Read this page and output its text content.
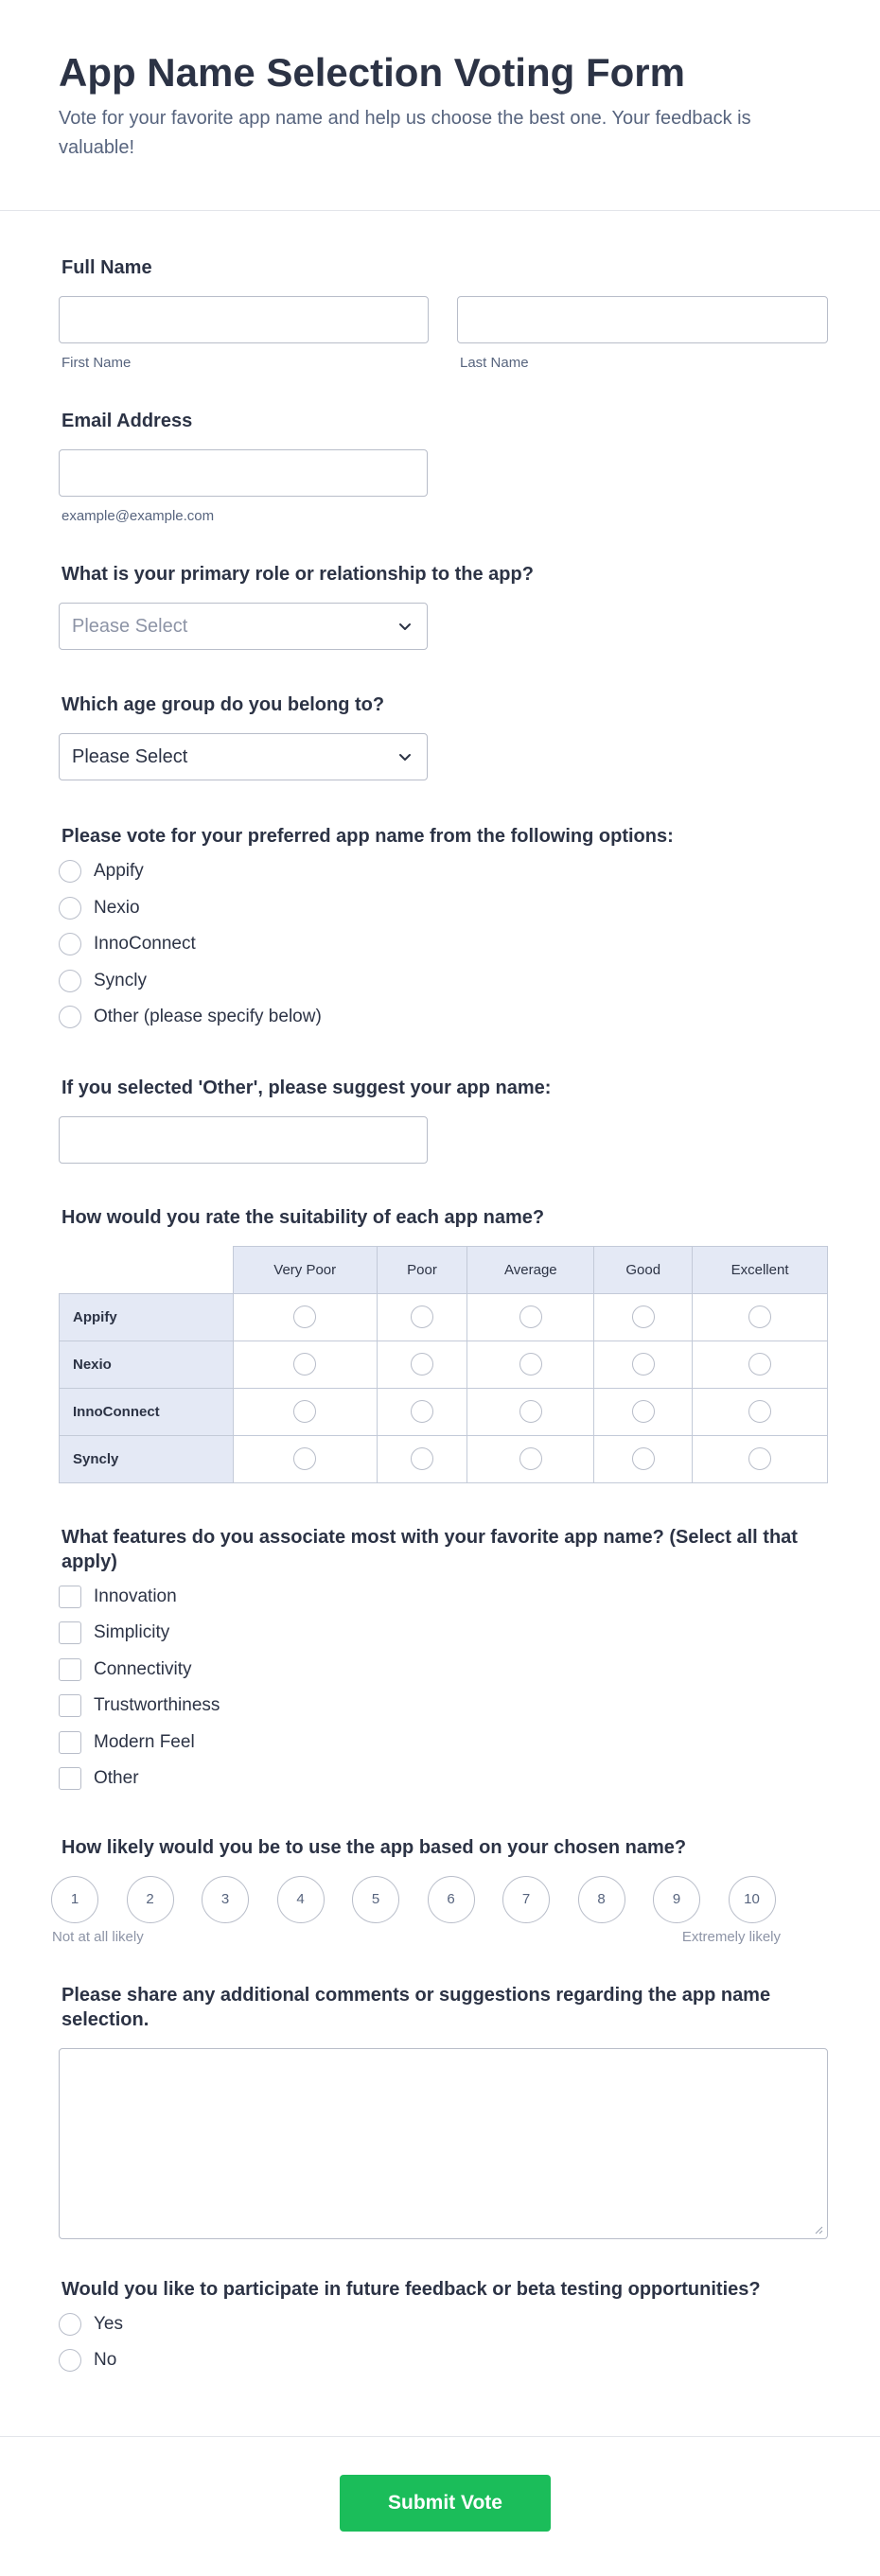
App Name Selection Voting Form

Vote for your favorite app name and help us choose the best one. Your feedback is valuable!

Full Name
First Name	Last Name
Email Address
example@example.com
What is your primary role or relationship to the app?
Please Select
Which age group do you belong to?
Please Select
Please vote for your preferred app name from the following options:
Appify
Nexio
InnoConnect
Syncly
Other (please specify below)
If you selected 'Other', please suggest your app name:
How would you rate the suitability of each app name?
	Very Poor	Poor	Average	Good	Excellent
Appify					
Nexio					
InnoConnect					
Syncly					
What features do you associate most with your favorite app name? (Select all that apply)
Innovation
Simplicity
Connectivity
Trustworthiness
Modern Feel
Other
How likely would you be to use the app based on your chosen name?
1	2	3	4	5	6	7	8	9	10
Not at all likely	Extremely likely
Please share any additional comments or suggestions regarding the app name selection.
Would you like to participate in future feedback or beta testing opportunities?
Yes
No
Submit Vote
